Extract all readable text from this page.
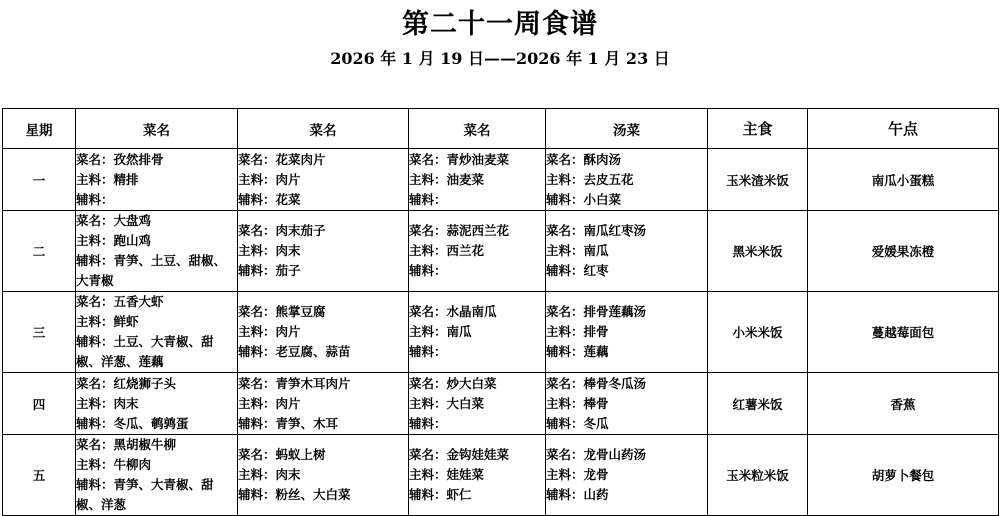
第二十一周食谱
2026 年 1 月 19 日——2026 年 1 月 23 日
星期	菜名	菜名	菜名	汤菜	主食	午点
一	菜名：孜然排骨
主料：精排
辅料：	菜名：花菜肉片
主料：肉片
辅料：花菜	菜名：青炒油麦菜
主料：油麦菜
辅料：	菜名：酥肉汤
主料：去皮五花
辅料：小白菜	玉米渣米饭	南瓜小蛋糕
二	菜名：大盘鸡
主料：跑山鸡
辅料：青笋、土豆、甜椒、大青椒	菜名：肉末茄子
主料：肉末
辅料：茄子	菜名：蒜泥西兰花
主料：西兰花
辅料：	菜名：南瓜红枣汤
主料：南瓜
辅料：红枣	黑米米饭	爱媛果冻橙
三	菜名：五香大虾
主料：鲜虾
辅料：土豆、大青椒、甜椒、洋葱、莲藕	菜名：熊掌豆腐
主料：肉片
辅料：老豆腐、蒜苗	菜名：水晶南瓜
主料：南瓜
辅料：	菜名：排骨莲藕汤
主料：排骨
辅料：莲藕	小米米饭	蔓越莓面包
四	菜名：红烧狮子头
主料：肉末
辅料：冬瓜、鹌鹑蛋	菜名：青笋木耳肉片
主料：肉片
辅料：青笋、木耳	菜名：炒大白菜
主料：大白菜
辅料：	菜名：棒骨冬瓜汤
主料：棒骨
辅料：冬瓜	红薯米饭	香蕉
五	菜名：黑胡椒牛柳
主料：牛柳肉
辅料：青笋、大青椒、甜椒、洋葱	菜名：蚂蚁上树
主料：肉末
辅料：粉丝、大白菜	菜名：金钩娃娃菜
主料：娃娃菜
辅料：虾仁	菜名：龙骨山药汤
主料：龙骨
辅料：山药	玉米粒米饭	胡萝卜餐包
